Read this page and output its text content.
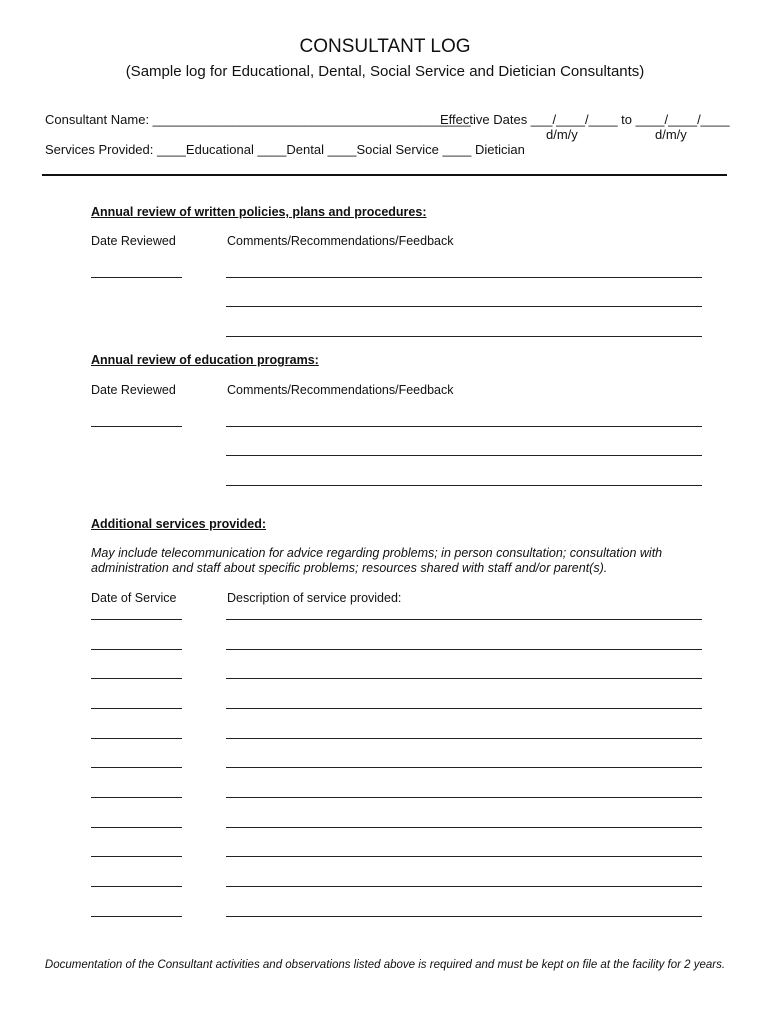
CONSULTANT LOG
(Sample log for Educational, Dental, Social Service and Dietician Consultants)
Consultant Name: ____________________________________________
Effective Dates ___/____/____ to ____/____/____
d/m/y	d/m/y
Services Provided: ____Educational ____Dental ____Social Service ____ Dietician
Annual review of written policies, plans and procedures:
Date Reviewed	Comments/Recommendations/Feedback
Annual review of education programs:
Date Reviewed	Comments/Recommendations/Feedback
Additional services provided:
May include telecommunication for advice regarding problems; in person consultation; consultation with administration and staff about specific problems; resources shared with staff and/or parent(s).
Date of Service	Description of service provided:
Documentation of the Consultant activities and observations listed above is required and must be kept on file at the facility for 2 years.
